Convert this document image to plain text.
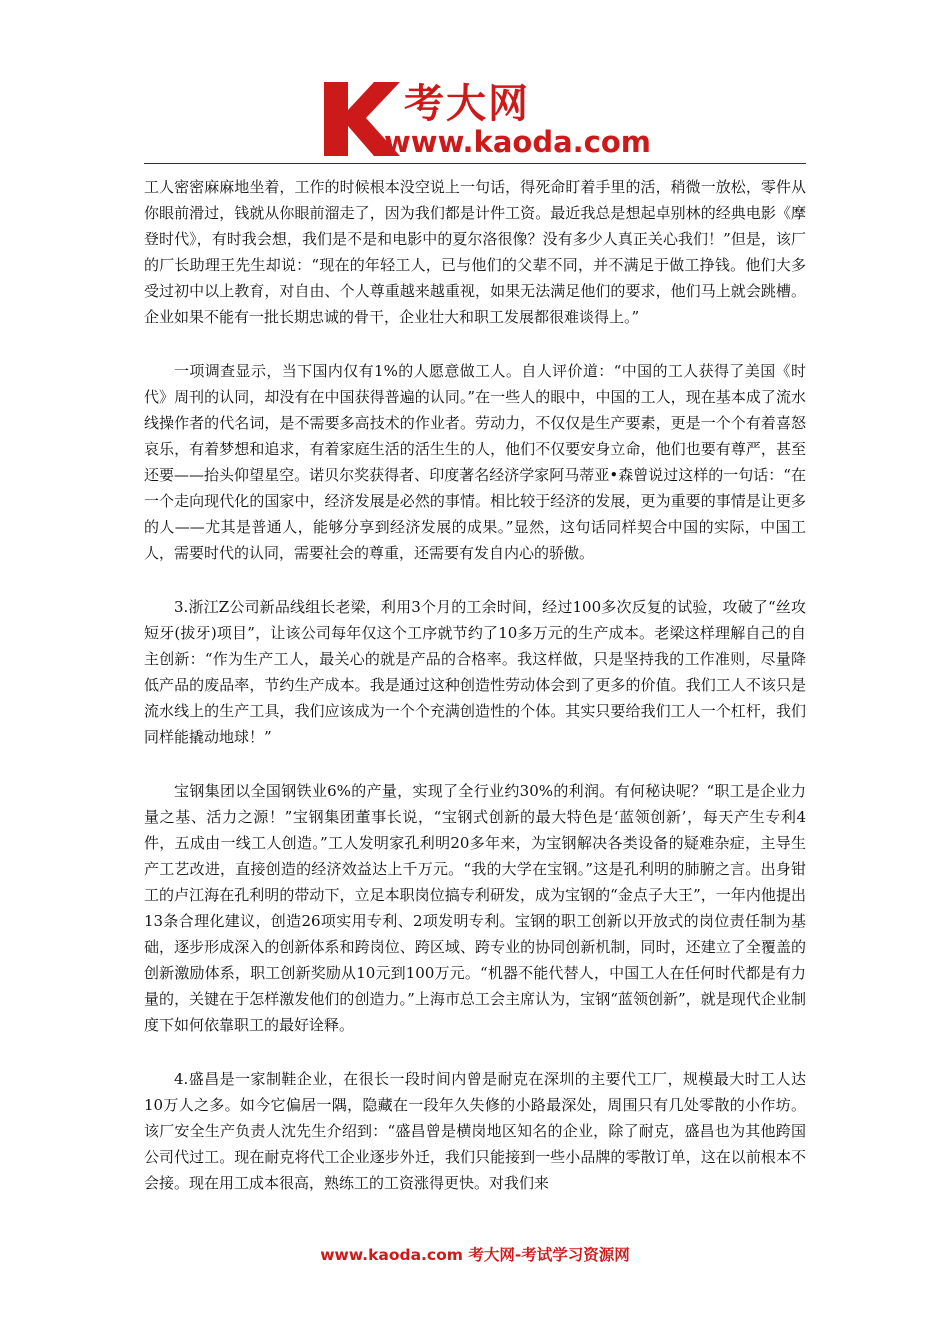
考大网
www.kaoda.com

工人密密麻麻地坐着，工作的时候根本没空说上一句话，得死命盯着手里的活，稍微一放松，零件从你眼前滑过，钱就从你眼前溜走了，因为我们都是计件工资。最近我总是想起卓别林的经典电影《摩登时代》，有时我会想，我们是不是和电影中的夏尔洛很像？没有多少人真正关心我们！”但是，该厂的厂长助理王先生却说：“现在的年轻工人，已与他们的父辈不同，并不满足于做工挣钱。他们大多受过初中以上教育，对自由、个人尊重越来越重视，如果无法满足他们的要求，他们马上就会跳槽。企业如果不能有一批长期忠诚的骨干，企业壮大和职工发展都很难谈得上。”

一项调查显示，当下国内仅有1%的人愿意做工人。自人评价道：“中国的工人获得了美国《时代》周刊的认同，却没有在中国获得普遍的认同。”在一些人的眼中，中国的工人，现在基本成了流水线操作者的代名词，是不需要多高技术的作业者。劳动力，不仅仅是生产要素，更是一个个有着喜怒哀乐，有着梦想和追求，有着家庭生活的活生生的人，他们不仅要安身立命，他们也要有尊严，甚至还要——抬头仰望星空。诺贝尔奖获得者、印度著名经济学家阿马蒂亚•森曾说过这样的一句话：“在一个走向现代化的国家中，经济发展是必然的事情。相比较于经济的发展，更为重要的事情是让更多的人——尤其是普通人，能够分享到经济发展的成果。”显然，这句话同样契合中国的实际，中国工人，需要时代的认同，需要社会的尊重，还需要有发自内心的骄傲。

3.浙江Z公司新品线组长老梁，利用3个月的工余时间，经过100多次反复的试验，攻破了“丝攻短牙(拔牙)项目”，让该公司每年仅这个工序就节约了10多万元的生产成本。老梁这样理解自己的自主创新：“作为生产工人，最关心的就是产品的合格率。我这样做，只是坚持我的工作准则，尽量降低产品的废品率，节约生产成本。我是通过这种创造性劳动体会到了更多的价值。我们工人不该只是流水线上的生产工具，我们应该成为一个个充满创造性的个体。其实只要给我们工人一个杠杆，我们同样能撬动地球！”

宝钢集团以全国钢铁业6%的产量，实现了全行业约30%的利润。有何秘诀呢？“职工是企业力量之基、活力之源！”宝钢集团董事长说，“宝钢式创新的最大特色是‘蓝领创新’，每天产生专利4件，五成由一线工人创造。”工人发明家孔利明20多年来，为宝钢解决各类设备的疑难杂症，主导生产工艺改进，直接创造的经济效益达上千万元。“我的大学在宝钢。”这是孔利明的肺腑之言。出身钳工的卢江海在孔利明的带动下，立足本职岗位搞专利研发，成为宝钢的“金点子大王”，一年内他提出13条合理化建议，创造26项实用专利、2项发明专利。宝钢的职工创新以开放式的岗位责任制为基础，逐步形成深入的创新体系和跨岗位、跨区域、跨专业的协同创新机制，同时，还建立了全覆盖的创新激励体系，职工创新奖励从10元到100万元。“机器不能代替人，中国工人在任何时代都是有力量的，关键在于怎样激发他们的创造力。”上海市总工会主席认为，宝钢“蓝领创新”，就是现代企业制度下如何依靠职工的最好诠释。

4.盛昌是一家制鞋企业，在很长一段时间内曾是耐克在深圳的主要代工厂，规模最大时工人达10万人之多。如今它偏居一隅，隐藏在一段年久失修的小路最深处，周围只有几处零散的小作坊。该厂安全生产负责人沈先生介绍到：“盛昌曾是横岗地区知名的企业，除了耐克，盛昌也为其他跨国公司代过工。现在耐克将代工企业逐步外迁，我们只能接到一些小品牌的零散订单，这在以前根本不会接。现在用工成本很高，熟练工的工资涨得更快。对我们来

www.kaoda.com 考大网-考试学习资源网
